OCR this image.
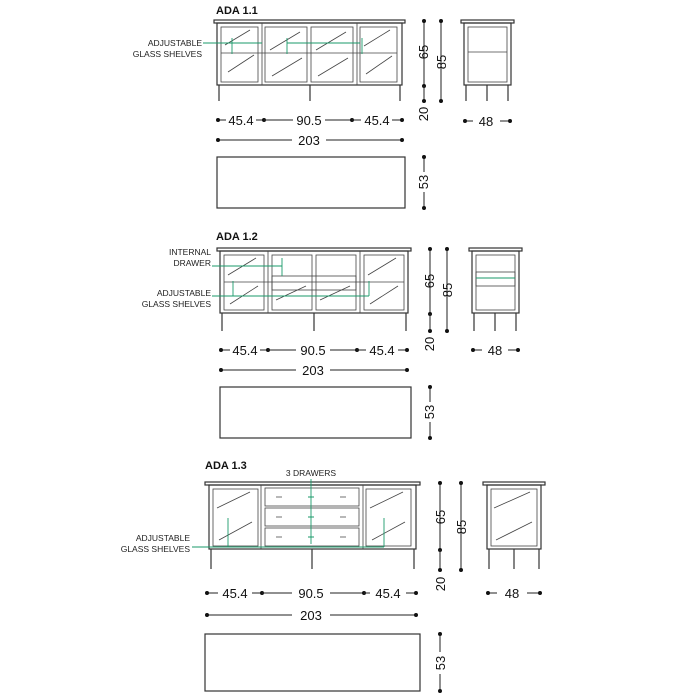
ADA 1.1
ADJUSTABLE
GLASS SHELVES	65
85
20
45.4	90.5	45.4
203
48
53
ADA 1.2
INTERNAL
DRAWER
ADJUSTABLE
GLASS SHELVES
65
85
20
45.4	90.5	45.4
203
48
53
ADA 1.3
3 DRAWERS
ADJUSTABLE
GLASS SHELVES
65
85
20
45.4	90.5	45.4
203
48
53
